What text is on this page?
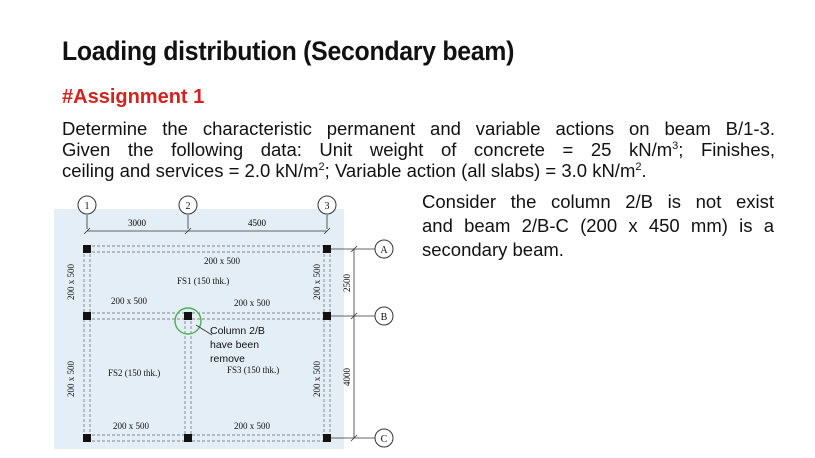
Loading distribution (Secondary beam)
#Assignment 1
Determine the characteristic permanent and variable actions on beam B/1-3.
Given the following data: Unit weight of concrete = 25 $kN/m^3$; Finishes,
ceiling and services = 2.0 $kN/m^2$; Variable action (all slabs) = 3.0 $kN/m^2$.
Consider the column 2/B is not exist
and beam 2/B-C (200 x 450 mm) is a
secondary beam.
1	2	3
A
B
C
3000	4500
2500
4000
200 x 500
200 x 500	200 x 500
200 x 500	200 x 500
200 x 500
200 x 500
200 x 500
200 x 500
FS1 (150 thk.)
FS2 (150 thk.)	FS3 (150 thk.)
Column 2/B
have been
remove
